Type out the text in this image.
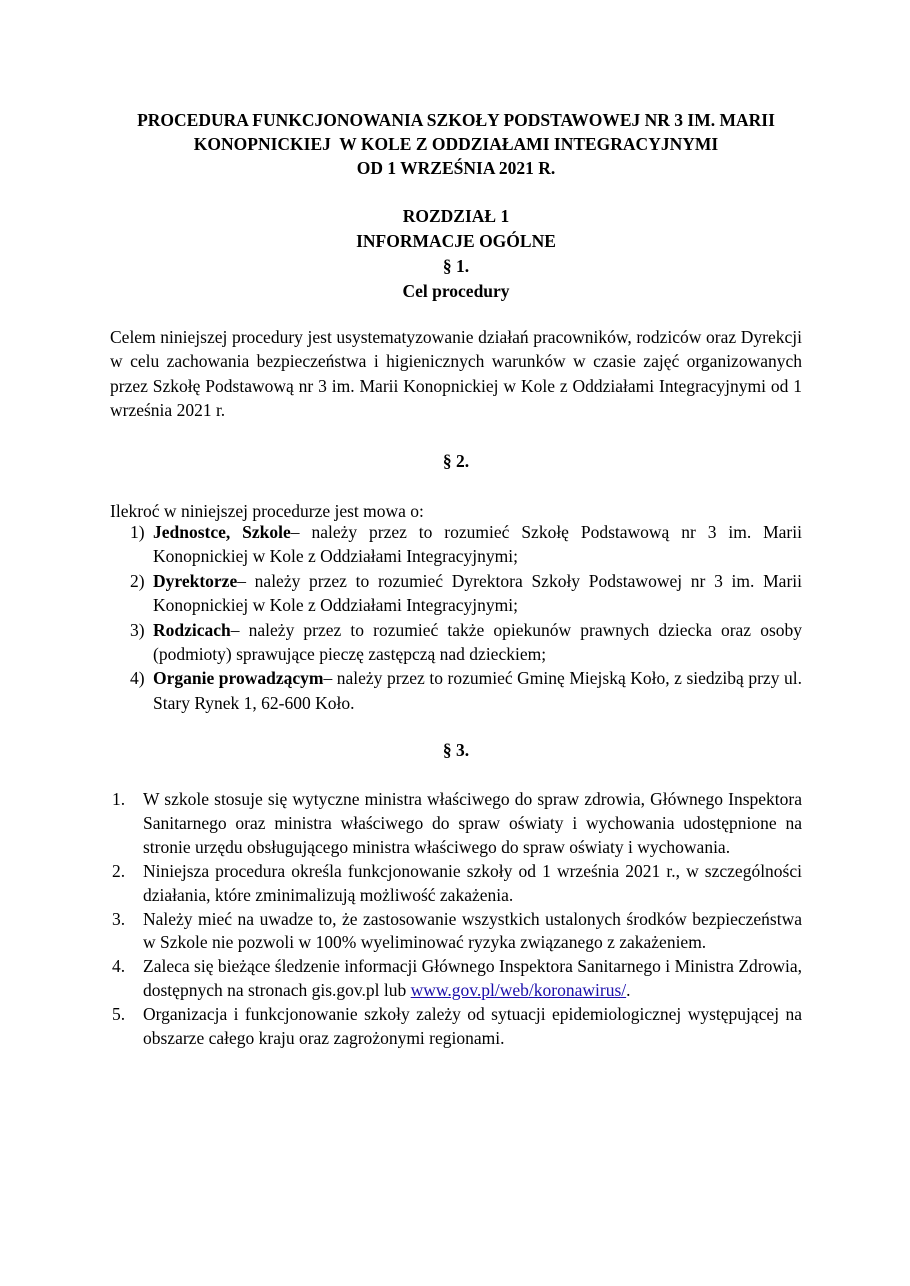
PROCEDURA FUNKCJONOWANIA SZKOŁY PODSTAWOWEJ NR 3 IM. MARII
KONOPNICKIEJ  W KOLE Z ODDZIAŁAMI INTEGRACYJNYMI
OD 1 WRZEŚNIA 2021 R.
ROZDZIAŁ 1
INFORMACJE OGÓLNE
§ 1.
Cel procedury
Celem niniejszej procedury jest usystematyzowanie działań pracowników, rodziców oraz Dyrekcji w celu zachowania bezpieczeństwa i higienicznych warunków w czasie zajęć organizowanych przez Szkołę Podstawową nr 3 im. Marii Konopnickiej w Kole z Oddziałami Integracyjnymi od 1 września 2021 r.
§ 2.
Ilekroć w niniejszej procedurze jest mowa o:
1) Jednostce, Szkole– należy przez to rozumieć Szkołę Podstawową nr 3 im. Marii Konopnickiej w Kole z Oddziałami Integracyjnymi;
2) Dyrektorze– należy przez to rozumieć Dyrektora Szkoły Podstawowej nr 3 im. Marii Konopnickiej w Kole z Oddziałami Integracyjnymi;
3) Rodzicach– należy przez to rozumieć także opiekunów prawnych dziecka oraz osoby (podmioty) sprawujące pieczę zastępczą nad dzieckiem;
4) Organie prowadzącym– należy przez to rozumieć Gminę Miejską Koło, z siedzibą przy ul. Stary Rynek 1, 62-600 Koło.
§ 3.
1. W szkole stosuje się wytyczne ministra właściwego do spraw zdrowia, Głównego Inspektora Sanitarnego oraz ministra właściwego do spraw oświaty i wychowania udostępnione na stronie urzędu obsługującego ministra właściwego do spraw oświaty i wychowania.
2. Niniejsza procedura określa funkcjonowanie szkoły od 1 września 2021 r., w szczególności działania, które zminimalizują możliwość zakażenia.
3. Należy mieć na uwadze to, że zastosowanie wszystkich ustalonych środków bezpieczeństwa w Szkole nie pozwoli w 100% wyeliminować ryzyka związanego z zakażeniem.
4. Zaleca się bieżące śledzenie informacji Głównego Inspektora Sanitarnego i Ministra Zdrowia, dostępnych na stronach gis.gov.pl lub www.gov.pl/web/koronawirus/.
5. Organizacja i funkcjonowanie szkoły zależy od sytuacji epidemiologicznej występującej na obszarze całego kraju oraz zagrożonymi regionami.
